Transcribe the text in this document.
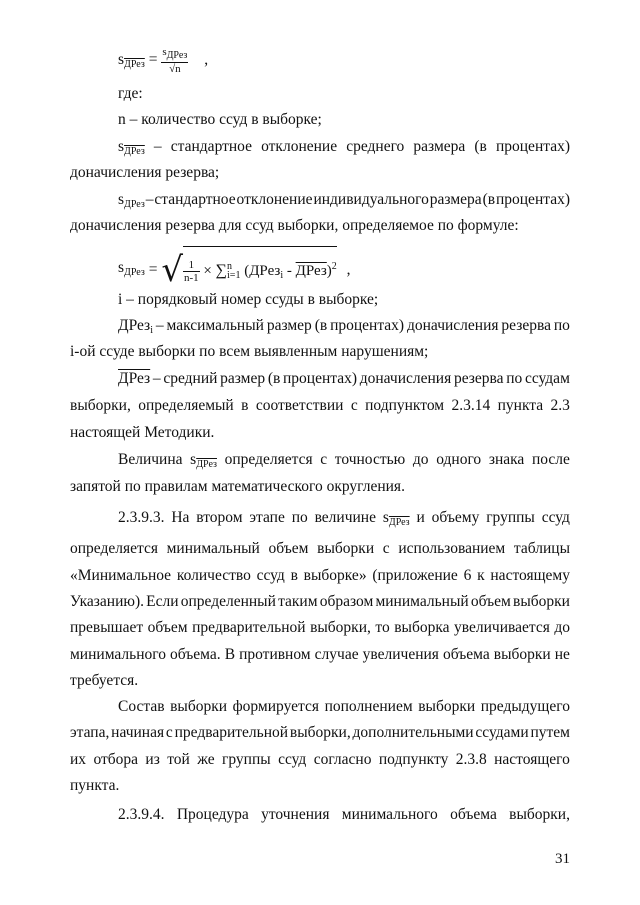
$s_{ДРез} = \frac{s_{ДРез}}{√n}$ ,
где:
n – количество ссуд в выборке;
$s_{ДРез}$ – стандартное отклонение среднего размера (в процентах)
доначисления резерва;
$s_{ДРез}$ – стандартное отклонение индивидуального размера (в процентах)
доначисления резерва для ссуд выборки, определяемое по формуле:
$s_{ДРез}$ = √ $\frac{1}{n-1} \times \sum^n_{i=1}$ (ДРез$_i$ - ДРез)$^2$ ,
i – порядковый номер ссуды в выборке;
ДРез$_i$ – максимальный размер (в процентах) доначисления резерва по
i-ой ссуде выборки по всем выявленным нарушениям;
ДРез – средний размер (в процентах) доначисления резерва по ссудам
выборки, определяемый в соответствии с подпунктом 2.3.14 пункта 2.3
настоящей Методики.
Величина $s_{ДРез}$ определяется с точностью до одного знака после
запятой по правилам математического округления.
2.3.9.3. На втором этапе по величине $s_{ДРез}$ и объему группы ссуд
определяется минимальный объем выборки с использованием таблицы
«Минимальное количество ссуд в выборке» (приложение 6 к настоящему
Указанию). Если определенный таким образом минимальный объем выборки
превышает объем предварительной выборки, то выборка увеличивается до
минимального объема. В противном случае увеличения объема выборки не
требуется.
Состав выборки формируется пополнением выборки предыдущего
этапа, начиная с предварительной выборки, дополнительными ссудами путем
их отбора из той же группы ссуд согласно подпункту 2.3.8 настоящего
пункта.
2.3.9.4. Процедура уточнения минимального объема выборки,
31
